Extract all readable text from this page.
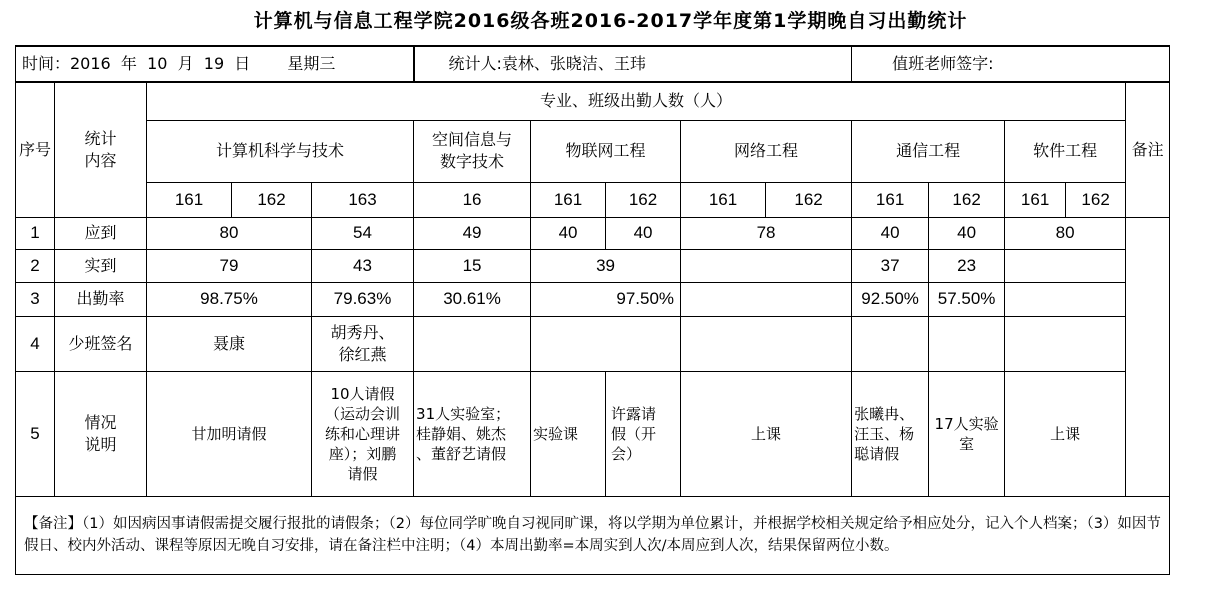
计算机与信息工程学院2016级各班2016-2017学年度第1学期晚自习出勤统计
时间：2016  年  10  月  19  日 星期三					统计人:袁林、张晓洁、王玮					值班老师签字:				
序号	统计
内容	专业、班级出勤人数（人）												备注
		计算机科学与技术			空间信息与
数字技术	物联网工程		网络工程		通信工程		软件工程		
		161	162	163	16	161	162	161	162	161	162	161	162	
1	应到	80		54	49	40	40	78		40	40	80		
2	实到	79		43	15	39				37	23			
3	出勤率	98.75%		79.63%	30.61%	97.50%				92.50%	57.50%			
4	少班签名	聂康		胡秀丹、
徐红燕										
5	情况
说明	甘加明请假		10人请假
（运动会训
练和心理讲
座）；刘鹏
请假	31人实验室；
桂静娟、姚杰
、董舒艺请假	实验课	许露请
假（开
会）	上课		张曦冉、
汪玉、杨
聪请假	17人实验
室	上课		
【备注】（1）如因病因事请假需提交履行报批的请假条；（2）每位同学旷晚自习视同旷课，将以学期为单位累计，并根据学校相关规定给予相应处分，记入个人档案；（3）如因节假日、校内外活动、课程等原因无晚自习安排，请在备注栏中注明；（4）本周出勤率=本周实到人次/本周应到人次，结果保留两位小数。														
